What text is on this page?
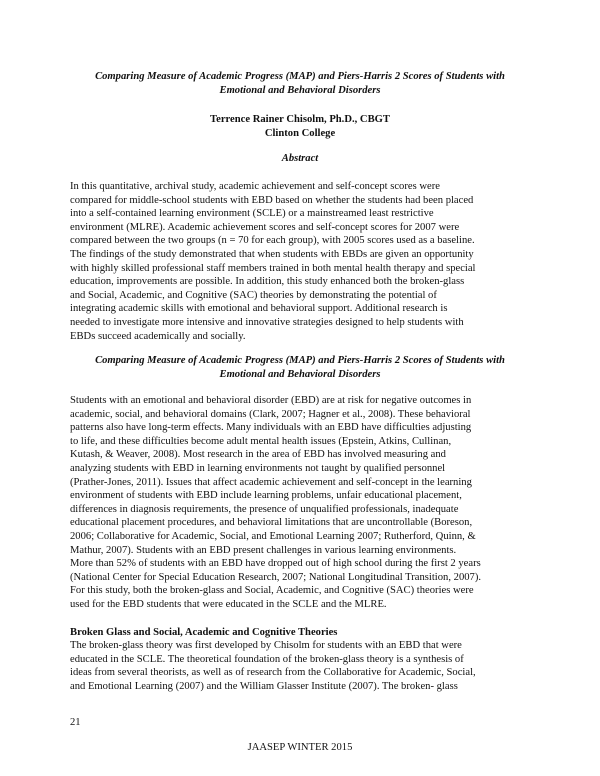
Comparing Measure of Academic Progress (MAP) and Piers-Harris 2 Scores of Students with
Emotional and Behavioral Disorders
Terrence Rainer Chisolm, Ph.D., CBGT
Clinton College
Abstract
In this quantitative, archival study, academic achievement and self-concept scores were
compared for middle-school students with EBD based on whether the students had been placed
into a self-contained learning environment (SCLE) or a mainstreamed least restrictive
environment (MLRE). Academic achievement scores and self-concept scores for 2007 were
compared between the two groups (n = 70 for each group), with 2005 scores used as a baseline.
The findings of the study demonstrated that when students with EBDs are given an opportunity
with highly skilled professional staff members trained in both mental health therapy and special
education, improvements are possible. In addition, this study enhanced both the broken-glass
and Social, Academic, and Cognitive (SAC) theories by demonstrating the potential of
integrating academic skills with emotional and behavioral support. Additional research is
needed to investigate more intensive and innovative strategies designed to help students with
EBDs succeed academically and socially.
Comparing Measure of Academic Progress (MAP) and Piers-Harris 2 Scores of Students with
Emotional and Behavioral Disorders
Students with an emotional and behavioral disorder (EBD) are at risk for negative outcomes in
academic, social, and behavioral domains (Clark, 2007; Hagner et al., 2008). These behavioral
patterns also have long-term effects. Many individuals with an EBD have difficulties adjusting
to life, and these difficulties become adult mental health issues (Epstein, Atkins, Cullinan,
Kutash, & Weaver, 2008). Most research in the area of EBD has involved measuring and
analyzing students with EBD in learning environments not taught by qualified personnel
(Prather-Jones, 2011). Issues that affect academic achievement and self-concept in the learning
environment of students with EBD include learning problems, unfair educational placement,
differences in diagnosis requirements, the presence of unqualified professionals, inadequate
educational placement procedures, and behavioral limitations that are uncontrollable (Boreson,
2006; Collaborative for Academic, Social, and Emotional Learning 2007; Rutherford, Quinn, &
Mathur, 2007). Students with an EBD present challenges in various learning environments.
More than 52% of students with an EBD have dropped out of high school during the first 2 years
(National Center for Special Education Research, 2007; National Longitudinal Transition, 2007).
For this study, both the broken-glass and Social, Academic, and Cognitive (SAC) theories were
used for the EBD students that were educated in the SCLE and the MLRE.
Broken Glass and Social, Academic and Cognitive Theories
The broken-glass theory was first developed by Chisolm for students with an EBD that were
educated in the SCLE. The theoretical foundation of the broken-glass theory is a synthesis of
ideas from several theorists, as well as of research from the Collaborative for Academic, Social,
and Emotional Learning (2007) and the William Glasser Institute (2007). The broken- glass
21
JAASEP WINTER 2015
